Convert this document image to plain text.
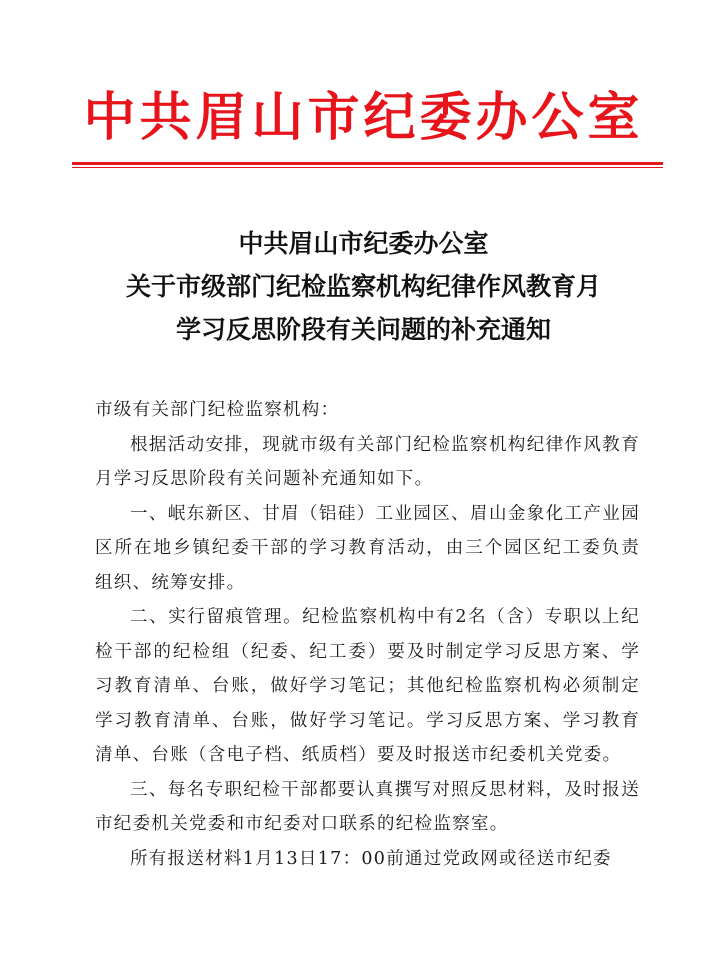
中共眉山市纪委办公室
中共眉山市纪委办公室
关于市级部门纪检监察机构纪律作风教育月
学习反思阶段有关问题的补充通知

市级有关部门纪检监察机构：

根据活动安排，现就市级有关部门纪检监察机构纪律作风教育月学习反思阶段有关问题补充通知如下。

一、岷东新区、甘眉（铝硅）工业园区、眉山金象化工产业园区所在地乡镇纪委干部的学习教育活动，由三个园区纪工委负责组织、统筹安排。

二、实行留痕管理。纪检监察机构中有2名（含）专职以上纪检干部的纪检组（纪委、纪工委）要及时制定学习反思方案、学习教育清单、台账，做好学习笔记；其他纪检监察机构必须制定学习教育清单、台账，做好学习笔记。学习反思方案、学习教育清单、台账（含电子档、纸质档）要及时报送市纪委机关党委。

三、每名专职纪检干部都要认真撰写对照反思材料，及时报送市纪委机关党委和市纪委对口联系的纪检监察室。

所有报送材料1月13日17：00前通过党政网或径送市纪委
